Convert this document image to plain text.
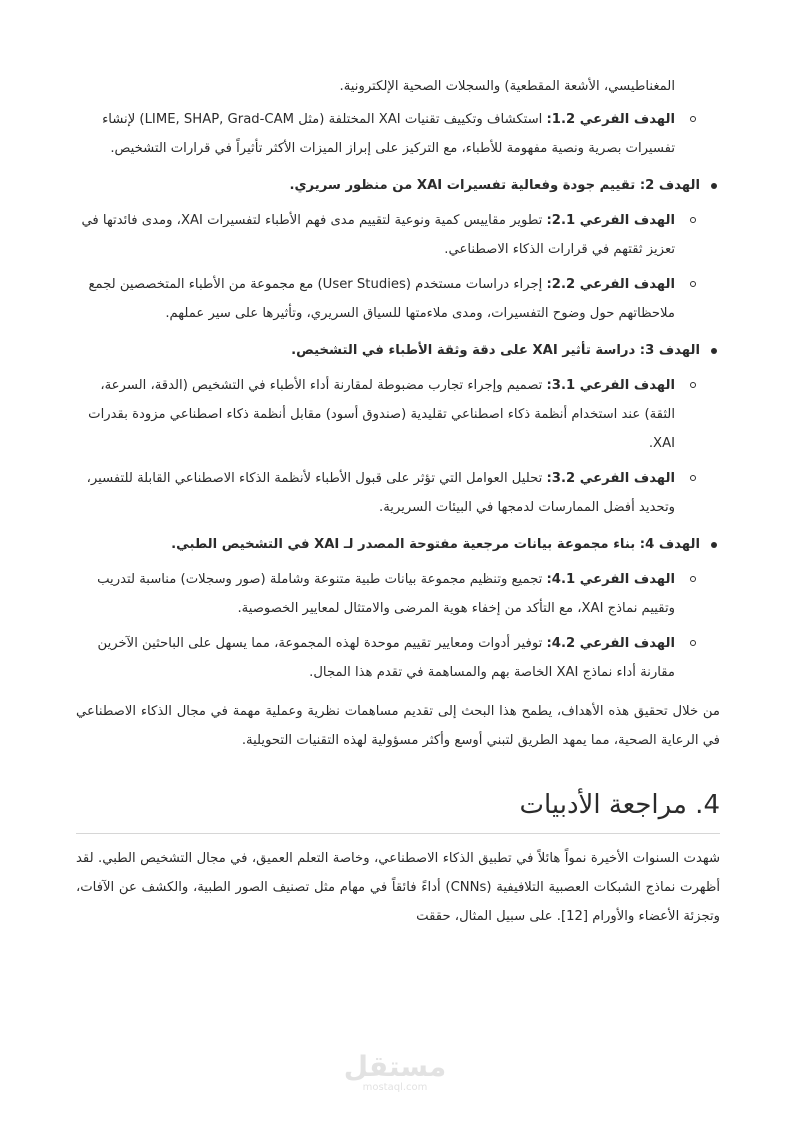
المغناطيسي، الأشعة المقطعية) والسجلات الصحية الإلكترونية.

الهدف الفرعي 1.2: استكشاف وتكييف تقنيات XAI المختلفة (مثل LIME, SHAP, Grad-CAM) لإنشاء تفسيرات بصرية ونصية مفهومة للأطباء، مع التركيز على إبراز الميزات الأكثر تأثيراً في قرارات التشخيص.
الهدف 2: تقييم جودة وفعالية تفسيرات XAI من منظور سريري.
الهدف الفرعي 2.1: تطوير مقاييس كمية ونوعية لتقييم مدى فهم الأطباء لتفسيرات XAI، ومدى فائدتها في تعزيز ثقتهم في قرارات الذكاء الاصطناعي.
الهدف الفرعي 2.2: إجراء دراسات مستخدم (User Studies) مع مجموعة من الأطباء المتخصصين لجمع ملاحظاتهم حول وضوح التفسيرات، ومدى ملاءمتها للسياق السريري، وتأثيرها على سير عملهم.
الهدف 3: دراسة تأثير XAI على دقة وثقة الأطباء في التشخيص.
الهدف الفرعي 3.1: تصميم وإجراء تجارب مضبوطة لمقارنة أداء الأطباء في التشخيص (الدقة، السرعة، الثقة) عند استخدام أنظمة ذكاء اصطناعي تقليدية (صندوق أسود) مقابل أنظمة ذكاء اصطناعي مزودة بقدرات XAI.
الهدف الفرعي 3.2: تحليل العوامل التي تؤثر على قبول الأطباء لأنظمة الذكاء الاصطناعي القابلة للتفسير، وتحديد أفضل الممارسات لدمجها في البيئات السريرية.
الهدف 4: بناء مجموعة بيانات مرجعية مفتوحة المصدر لـ XAI في التشخيص الطبي.
الهدف الفرعي 4.1: تجميع وتنظيم مجموعة بيانات طبية متنوعة وشاملة (صور وسجلات) مناسبة لتدريب وتقييم نماذج XAI، مع التأكد من إخفاء هوية المرضى والامتثال لمعايير الخصوصية.
الهدف الفرعي 4.2: توفير أدوات ومعايير تقييم موحدة لهذه المجموعة، مما يسهل على الباحثين الآخرين مقارنة أداء نماذج XAI الخاصة بهم والمساهمة في تقدم هذا المجال.

من خلال تحقيق هذه الأهداف، يطمح هذا البحث إلى تقديم مساهمات نظرية وعملية مهمة في مجال الذكاء الاصطناعي في الرعاية الصحية، مما يمهد الطريق لتبني أوسع وأكثر مسؤولية لهذه التقنيات التحويلية.

4. مراجعة الأدبيات

شهدت السنوات الأخيرة نمواً هائلاً في تطبيق الذكاء الاصطناعي، وخاصة التعلم العميق، في مجال التشخيص الطبي. لقد أظهرت نماذج الشبكات العصبية التلافيفية (CNNs) أداءً فائقاً في مهام مثل تصنيف الصور الطبية، والكشف عن الآفات، وتجزئة الأعضاء والأورام [12]. على سبيل المثال، حققت

مستقل
mostaql.com
